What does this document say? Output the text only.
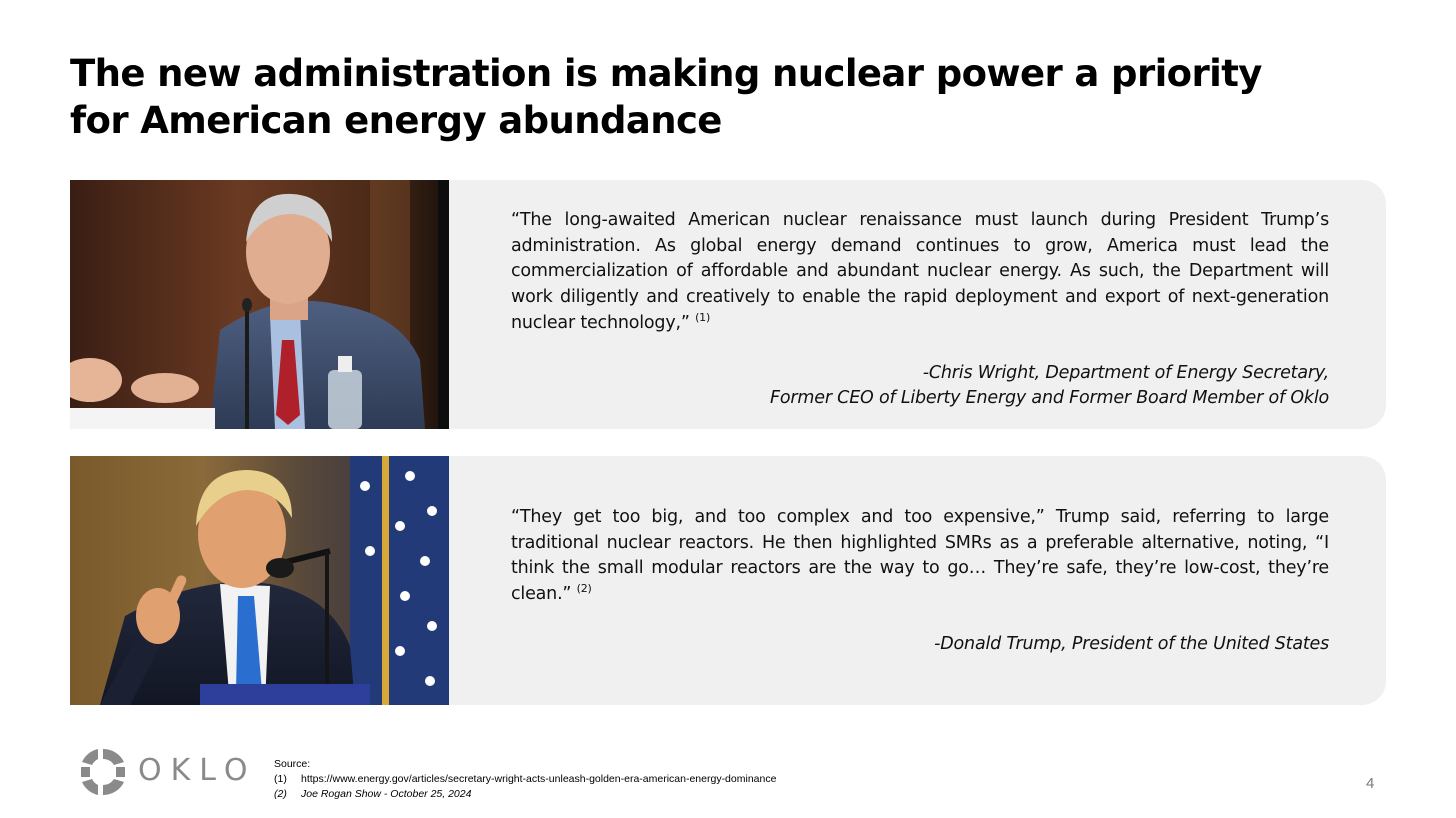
The new administration is making nuclear power a priority for American energy abundance

“The long-awaited American nuclear renaissance must launch during President Trump’s administration. As global energy demand continues to grow, America must lead the commercialization of affordable and abundant nuclear energy. As such, the Department will work diligently and creatively to enable the rapid deployment and export of next-generation nuclear technology,” $^{(1)}$

-Chris Wright, Department of Energy Secretary,
Former CEO of Liberty Energy and Former Board Member of Oklo

“They get too big, and too complex and too expensive,” Trump said, referring to large traditional nuclear reactors. He then highlighted SMRs as a preferable alternative, noting, “I think the small modular reactors are the way to go… They’re safe, they’re low-cost, they’re clean.” $^{(2)}$

-Donald Trump, President of the United States

OKLO Source:
(1) https://www.energy.gov/articles/secretary-wright-acts-unleash-golden-era-american-energy-dominance
(2) Joe Rogan Show - October 25, 2024
4
